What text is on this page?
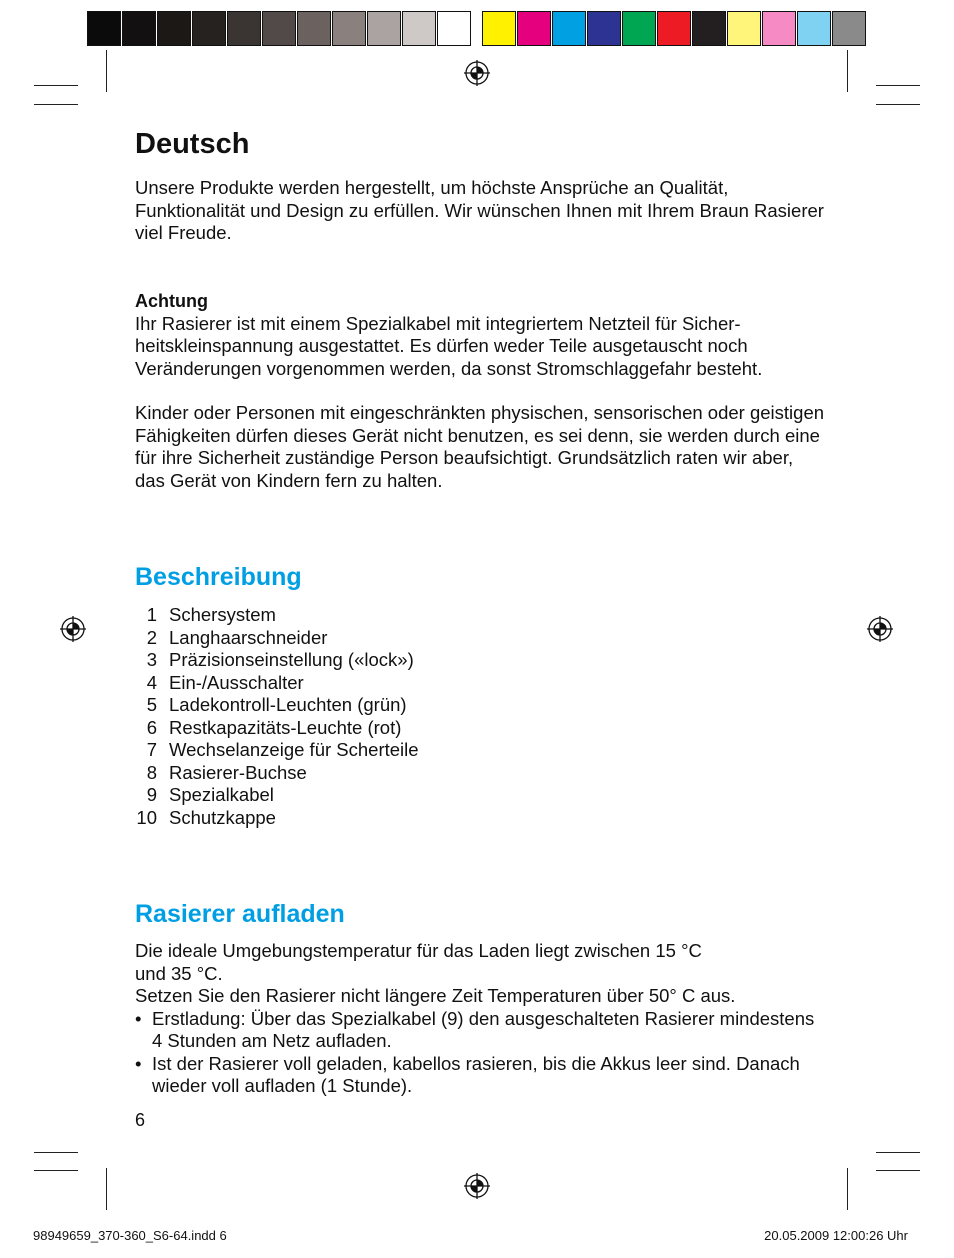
Deutsch

Unsere Produkte werden hergestellt, um höchste Ansprüche an Qualität, Funktionalität und Design zu erfüllen. Wir wünschen Ihnen mit Ihrem Braun Rasierer viel Freude.

Achtung

Ihr Rasierer ist mit einem Spezialkabel mit integriertem Netzteil für Sicher-heitskleinspannung ausgestattet. Es dürfen weder Teile ausgetauscht noch Veränderungen vorgenommen werden, da sonst Stromschlaggefahr besteht.

Kinder oder Personen mit eingeschränkten physischen, sensorischen oder geistigen Fähigkeiten dürfen dieses Gerät nicht benutzen, es sei denn, sie werden durch eine für ihre Sicherheit zuständige Person beaufsichtigt. Grundsätzlich raten wir aber, das Gerät von Kindern fern zu halten.

Beschreibung
1 Schersystem
2 Langhaarschneider
3 Präzisionseinstellung («lock»)
4 Ein-/Ausschalter
5 Ladekontroll-Leuchten (grün)
6 Restkapazitäts-Leuchte (rot)
7 Wechselanzeige für Scherteile
8 Rasierer-Buchse
9 Spezialkabel
10 Schutzkappe
Rasierer aufladen

Die ideale Umgebungstemperatur für das Laden liegt zwischen 15 °C

und 35 °C.

Setzen Sie den Rasierer nicht längere Zeit Temperaturen über 50° C aus.

• Erstladung: Über das Spezialkabel (9) den ausgeschalteten Rasierer mindestens 4 Stunden am Netz aufladen.
• Ist der Rasierer voll geladen, kabellos rasieren, bis die Akkus leer sind. Danach wieder voll aufladen (1 Stunde).
6
98949659_370-360_S6-64.indd 6	20.05.2009 12:00:26 Uhr
